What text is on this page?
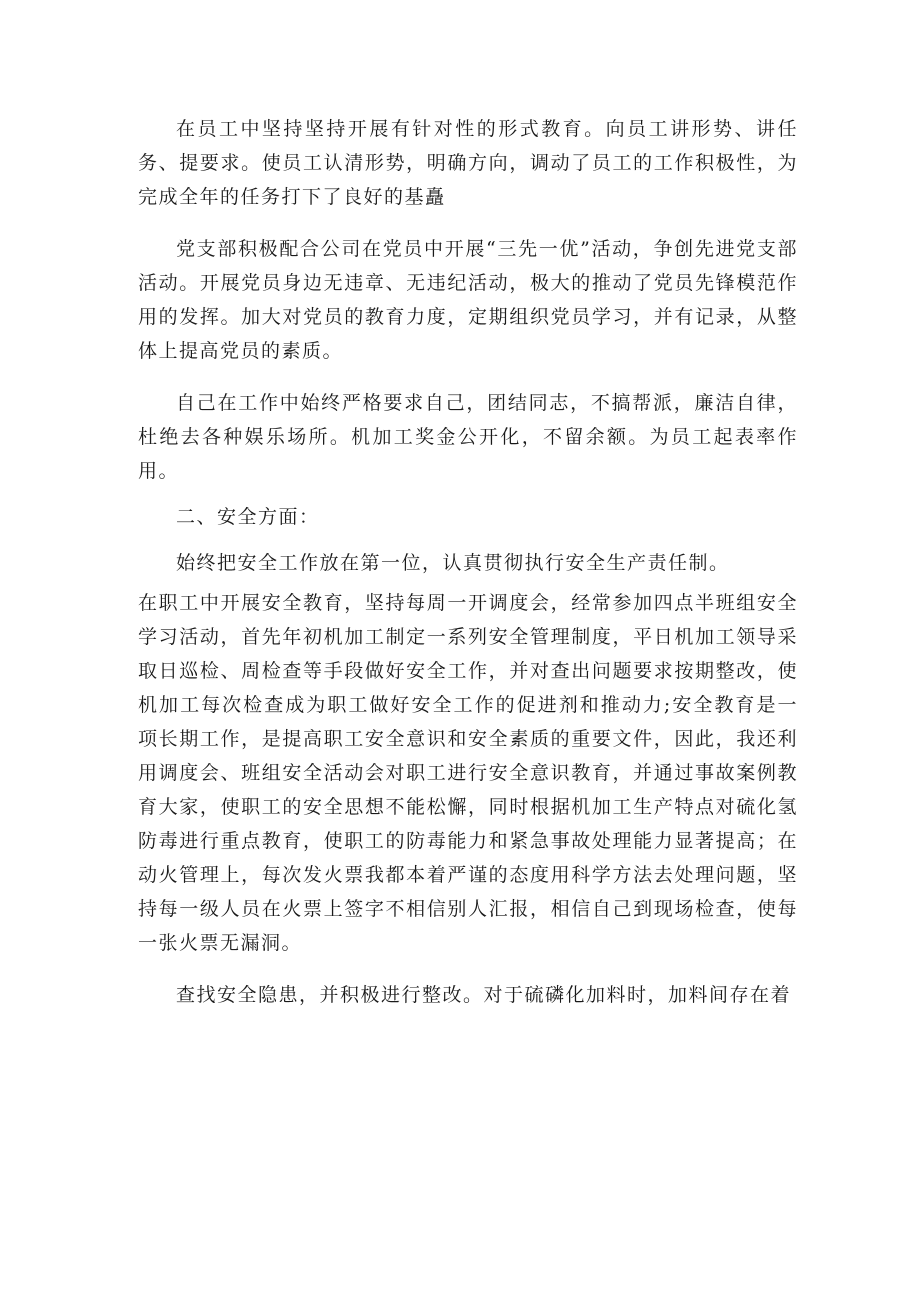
在员工中坚持坚持开展有针对性的形式教育。向员工讲形势、讲任务、提要求。使员工认清形势，明确方向，调动了员工的工作积极性，为完成全年的任务打下了良好的基矗

党支部积极配合公司在党员中开展“三先一优”活动，争创先进党支部活动。开展党员身边无违章、无违纪活动，极大的推动了党员先锋模范作用的发挥。加大对党员的教育力度，定期组织党员学习，并有记录，从整体上提高党员的素质。

自己在工作中始终严格要求自己，团结同志，不搞帮派，廉洁自律，杜绝去各种娱乐场所。机加工奖金公开化，不留余额。为员工起表率作用。

二、安全方面：

始终把安全工作放在第一位，认真贯彻执行安全生产责任制。

在职工中开展安全教育，坚持每周一开调度会，经常参加四点半班组安全学习活动，首先年初机加工制定一系列安全管理制度，平日机加工领导采取日巡检、周检查等手段做好安全工作，并对查出问题要求按期整改，使机加工每次检查成为职工做好安全工作的促进剂和推动力;安全教育是一项长期工作，是提高职工安全意识和安全素质的重要文件，因此，我还利用调度会、班组安全活动会对职工进行安全意识教育，并通过事故案例教育大家，使职工的安全思想不能松懈，同时根据机加工生产特点对硫化氢防毒进行重点教育，使职工的防毒能力和紧急事故处理能力显著提高；在动火管理上，每次发火票我都本着严谨的态度用科学方法去处理问题，坚持每一级人员在火票上签字不相信别人汇报，相信自己到现场检查，使每一张火票无漏洞。

查找安全隐患，并积极进行整改。对于硫磷化加料时，加料间存在着
